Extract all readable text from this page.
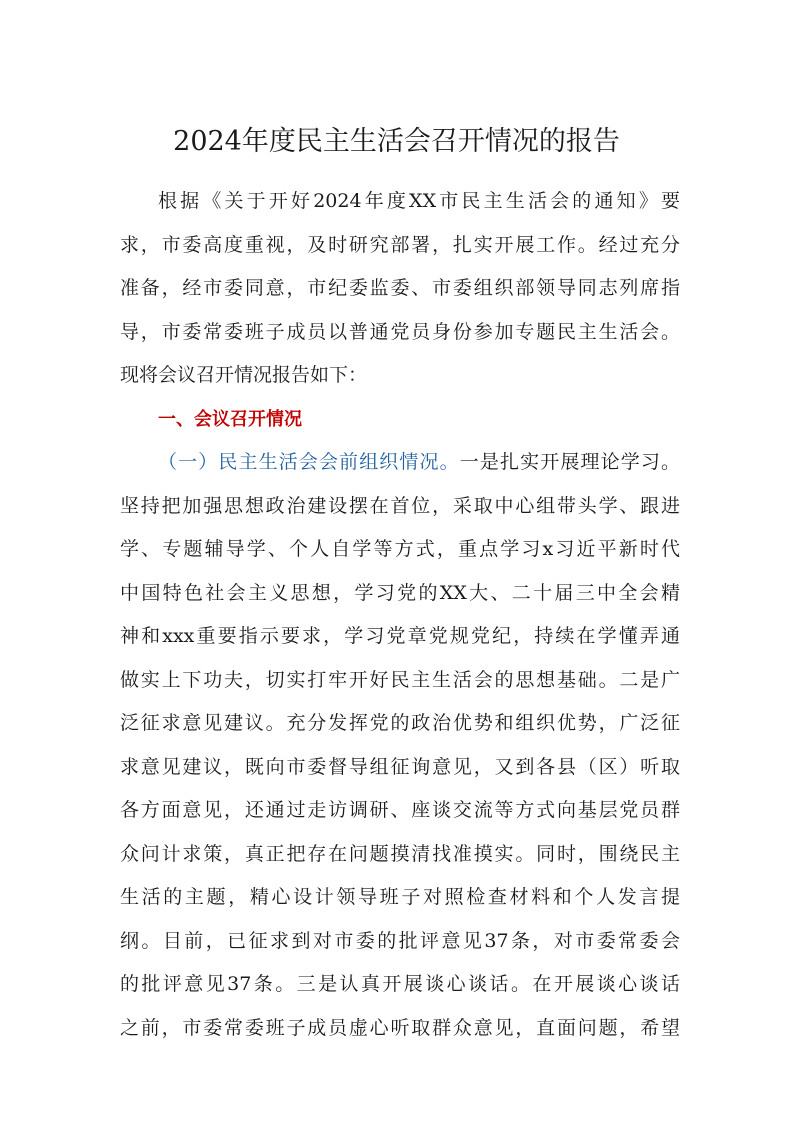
2024年度民主生活会召开情况的报告
根据《关于开好2024年度XX市民主生活会的通知》要
求，市委高度重视，及时研究部署，扎实开展工作。经过充分
准备，经市委同意，市纪委监委、市委组织部领导同志列席指
导，市委常委班子成员以普通党员身份参加专题民主生活会。
现将会议召开情况报告如下：
一、会议召开情况
（一）民主生活会会前组织情况。一是扎实开展理论学习。
坚持把加强思想政治建设摆在首位，采取中心组带头学、跟进
学、专题辅导学、个人自学等方式，重点学习x习近平新时代
中国特色社会主义思想，学习党的XX大、二十届三中全会精
神和xxx重要指示要求，学习党章党规党纪，持续在学懂弄通
做实上下功夫，切实打牢开好民主生活会的思想基础。二是广
泛征求意见建议。充分发挥党的政治优势和组织优势，广泛征
求意见建议，既向市委督导组征询意见，又到各县（区）听取
各方面意见，还通过走访调研、座谈交流等方式向基层党员群
众问计求策，真正把存在问题摸清找准摸实。同时，围绕民主
生活的主题，精心设计领导班子对照检查材料和个人发言提
纲。目前，已征求到对市委的批评意见37条，对市委常委会
的批评意见37条。三是认真开展谈心谈话。在开展谈心谈话
之前，市委常委班子成员虚心听取群众意见，直面问题，希望
